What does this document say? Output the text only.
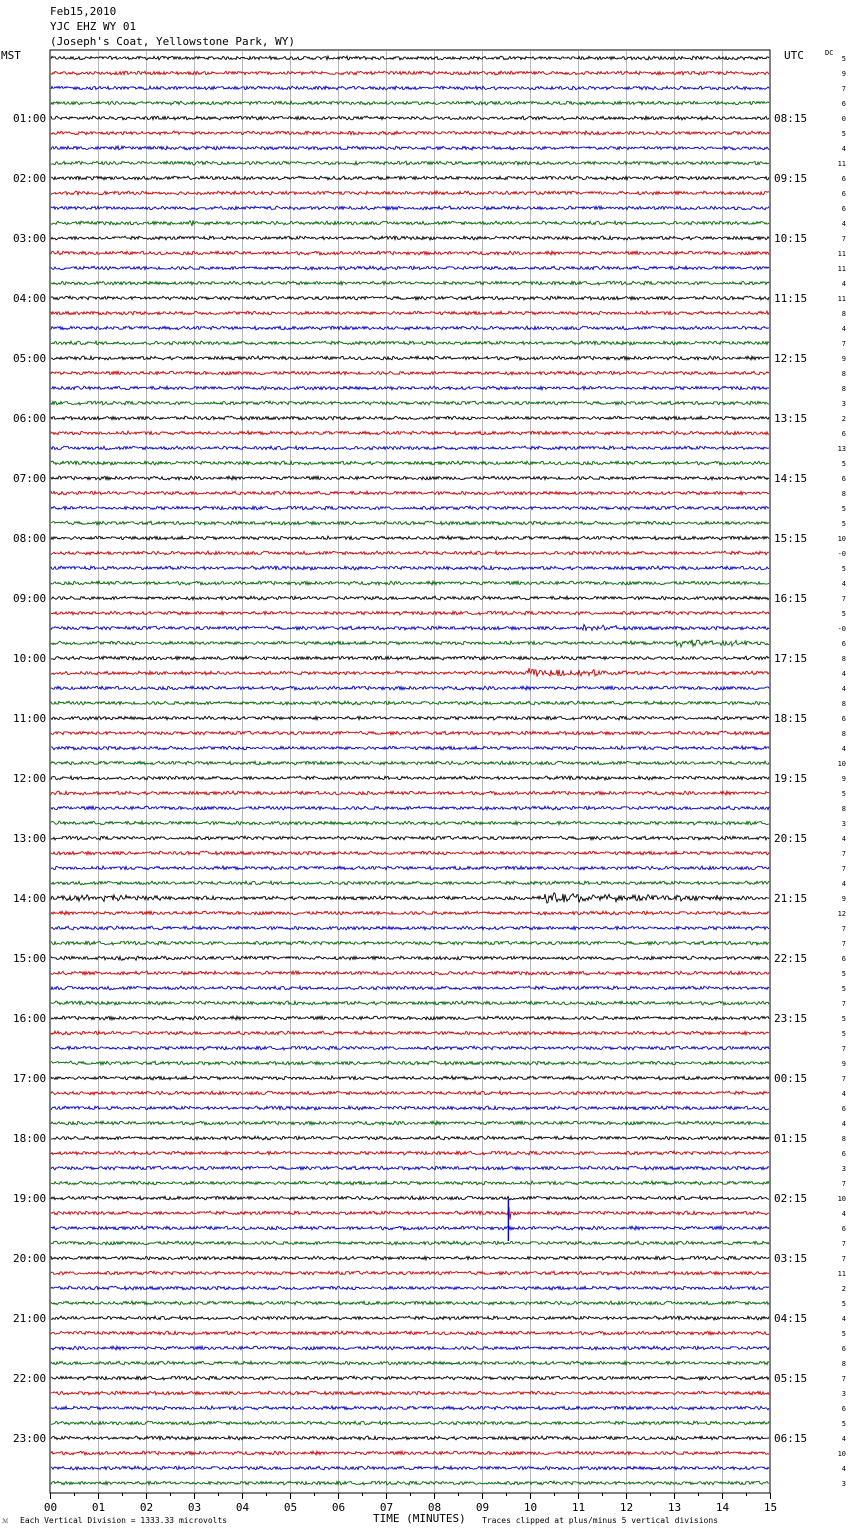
Feb15,2010
YJC EHZ WY 01
(Joseph's Coat, Yellowstone Park, WY)
MST	UTC	DC
00	01	02	03	04	05	06	07	08	09	10	11	12	13	14	15
5
9
7
6
0
5
4
11
6
6
6
4
7
11
11
4
11
8
4
7
9
8
8
3
2
6
13
5
6
8
5
5
10
-0
5
4
7
5
-0
6
8
4
4
8
6
8
4
10
9
5
8
3
4
7
7
4
9
12
7
7
6
5
5
7
5
5
7
9
7
4
6
4
8
6
3
7
10
4
6
7
7
11
2
5
4
5
6
8
7
3
6
5
4
10
4
3
01:00
02:00
03:00
04:00
05:00
06:00
07:00
08:00
09:00
10:00
11:00
12:00
13:00
14:00
15:00
16:00
17:00
18:00
19:00
20:00
21:00
22:00
23:00
08:15
09:15
10:15
11:15
12:15
13:15
14:15
15:15
16:15
17:15
18:15
19:15
20:15
21:15
22:15
23:15
00:15
01:15
02:15
03:15
04:15
05:15
06:15
TIME (MINUTES)
ℳ Each Vertical Division = 1333.33 microvolts	Traces clipped at plus/minus 5 vertical divisions
